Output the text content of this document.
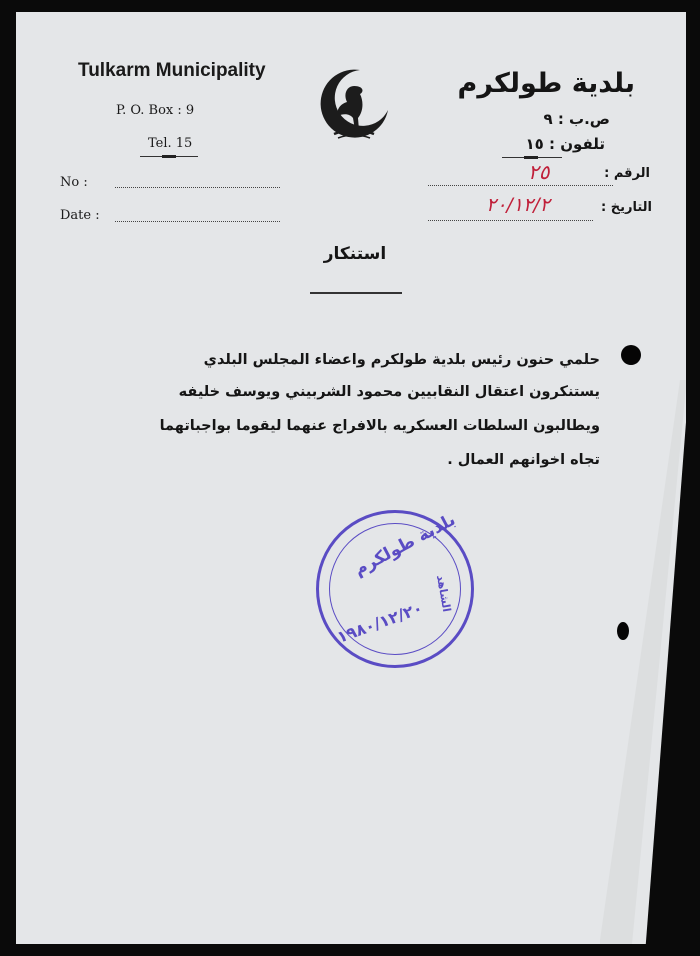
Tulkarm Municipality
P. O. Box : 9
Tel. 15
بلدية طولكرم
ص.ب : ٩
تلفون : ١٥
No :
Date :
الرقم :
٢٥
التاريخ :
٢٠/١٢/٢
استنكار
حلمي حنون رئيس بلدية طولكرم واعضاء المجلس البلدي
يستنكرون اعتقال النقابيين محمود الشربيني ويوسف خليفه
ويطالبون السلطات العسكريه بالافراج عنهما ليقوما بواجباتهما
تجاه اخوانهم العمال .
بلدية طولكرم
الشاهد
١٩٨٠/١٢/٢٠
